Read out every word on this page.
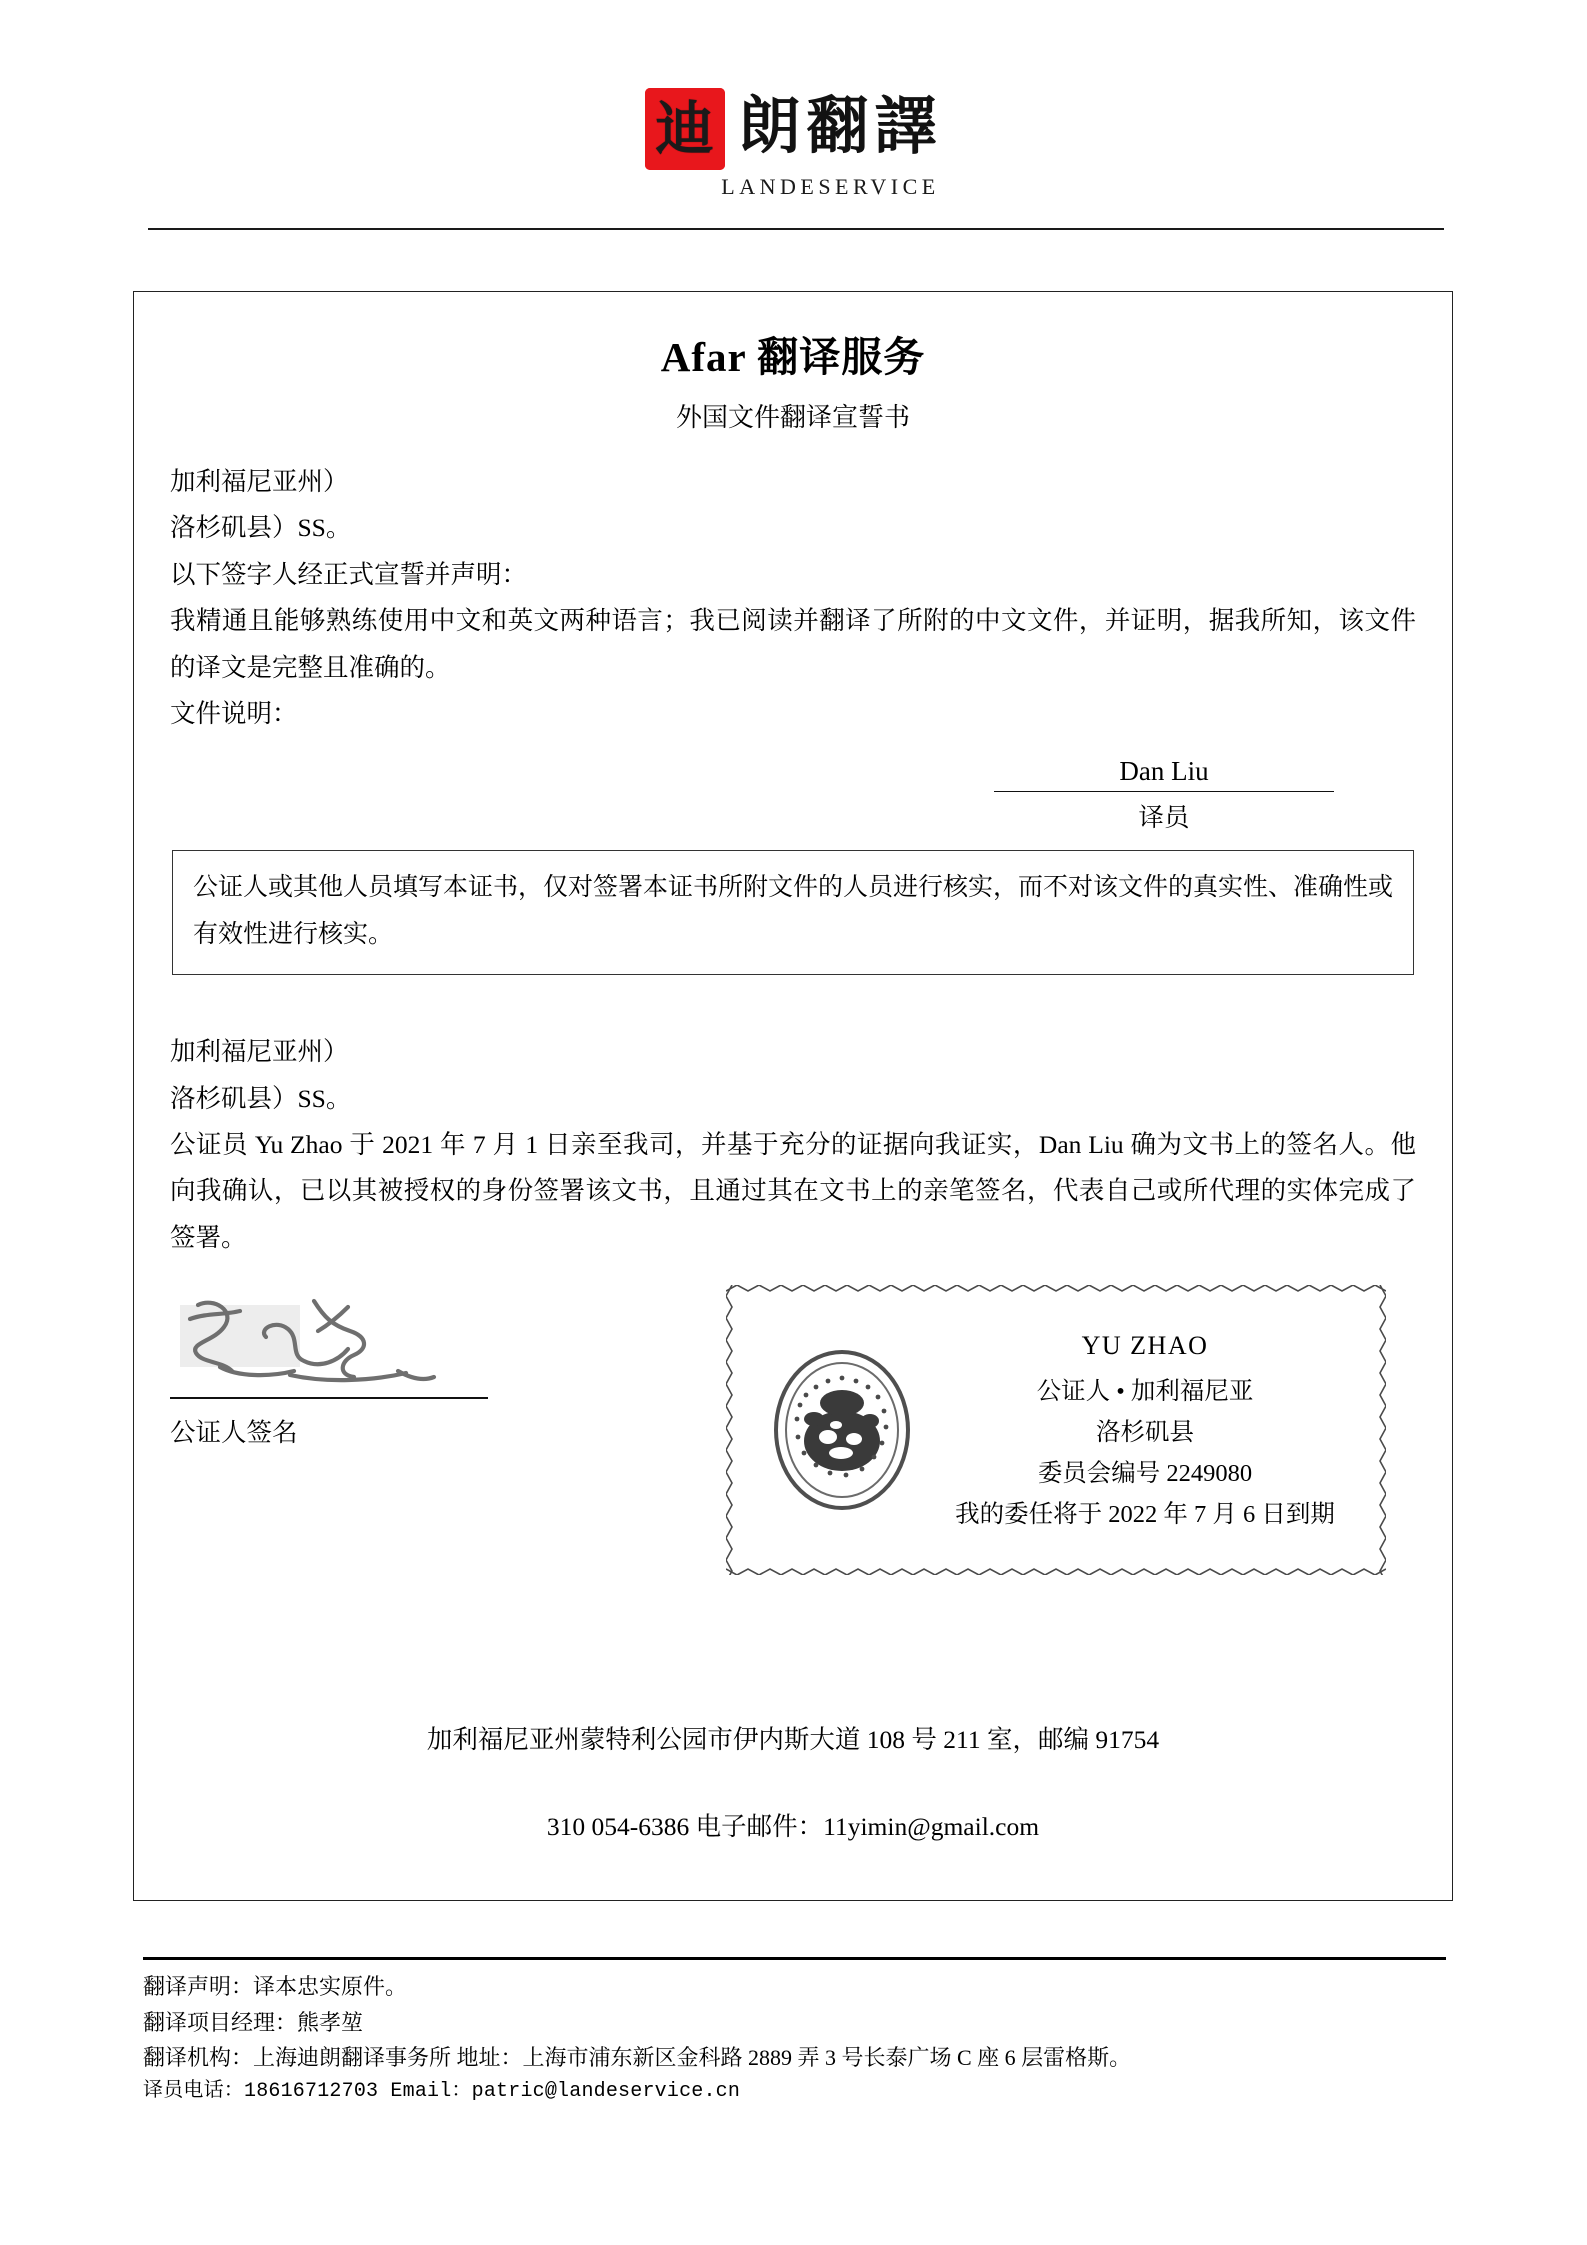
迪 朗翻譯
LANDESERVICE
Afar 翻译服务
外国文件翻译宣誓书

加利福尼亚州）

洛杉矶县）SS。

以下签字人经正式宣誓并声明：

我精通且能够熟练使用中文和英文两种语言；我已阅读并翻译了所附的中文文件，并证明，据我所知，该文件的译文是完整且准确的。

文件说明：

Dan Liu
译员

公证人或其他人员填写本证书，仅对签署本证书所附文件的人员进行核实，而不对该文件的真实性、准确性或有效性进行核实。

加利福尼亚州）

洛杉矶县）SS。

公证员 Yu Zhao 于 2021 年 7 月 1 日亲至我司，并基于充分的证据向我证实，Dan Liu 确为文书上的签名人。他向我确认，已以其被授权的身份签署该文书，且通过其在文书上的亲笔签名，代表自己或所代理的实体完成了签署。

公证人签名

YU ZHAO

公证人 • 加利福尼亚

洛杉矶县

委员会编号 2249080

我的委任将于 2022 年 7 月 6 日到期

加利福尼亚州蒙特利公园市伊内斯大道 108 号 211 室，邮编 91754

310 054-6386 电子邮件：11yimin@gmail.com

翻译声明：译本忠实原件。

翻译项目经理：熊孝堃

翻译机构：上海迪朗翻译事务所 地址：上海市浦东新区金科路 2889 弄 3 号长泰广场 C 座 6 层雷格斯。

译员电话：18616712703 Email：patric@landeservice.cn
